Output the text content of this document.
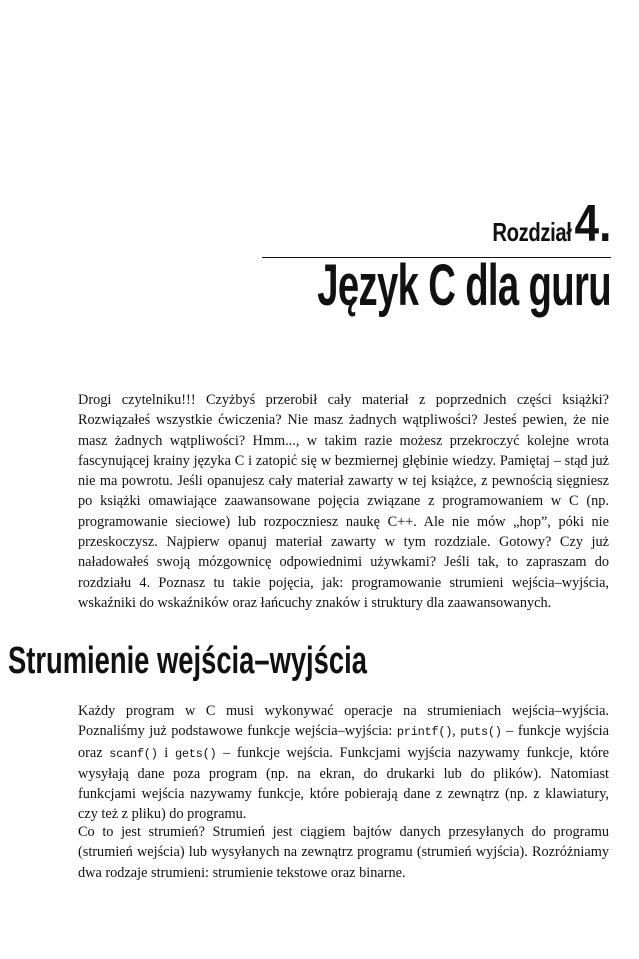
Rozdział 4.
Język C dla guru

Drogi czytelniku!!! Czyżbyś przerobił cały materiał z poprzednich części książki? Rozwiązałeś wszystkie ćwiczenia? Nie masz żadnych wątpliwości? Jesteś pewien, że nie masz żadnych wątpliwości? Hmm..., w takim razie możesz przekroczyć kolejne wrota fascynującej krainy języka C i zatopić się w bezmiernej głębinie wiedzy. Pamiętaj – stąd już nie ma powrotu. Jeśli opanujesz cały materiał zawarty w tej książce, z pewnością sięgniesz po książki omawiające zaawansowane pojęcia związane z programowaniem w C (np. programowanie sieciowe) lub rozpoczniesz naukę C++. Ale nie mów „hop”, póki nie przeskoczysz. Najpierw opanuj materiał zawarty w tym rozdziale. Gotowy? Czy już naładowałeś swoją mózgownicę odpowiednimi używkami? Jeśli tak, to zapraszam do rozdziału 4. Poznasz tu takie pojęcia, jak: programowanie strumieni wejścia–wyjścia, wskaźniki do wskaźników oraz łańcuchy znaków i struktury dla zaawansowanych.

Strumienie wejścia–wyjścia

Każdy program w C musi wykonywać operacje na strumieniach wejścia–wyjścia. Poznaliśmy już podstawowe funkcje wejścia–wyjścia: printf(), puts() – funkcje wyjścia oraz scanf() i gets() – funkcje wejścia. Funkcjami wyjścia nazywamy funkcje, które wysyłają dane poza program (np. na ekran, do drukarki lub do plików). Natomiast funkcjami wejścia nazywamy funkcje, które pobierają dane z zewnątrz (np. z klawiatury, czy też z pliku) do programu.

Co to jest strumień? Strumień jest ciągiem bajtów danych przesyłanych do programu (strumień wejścia) lub wysyłanych na zewnątrz programu (strumień wyjścia). Rozróżniamy dwa rodzaje strumieni: strumienie tekstowe oraz binarne.
